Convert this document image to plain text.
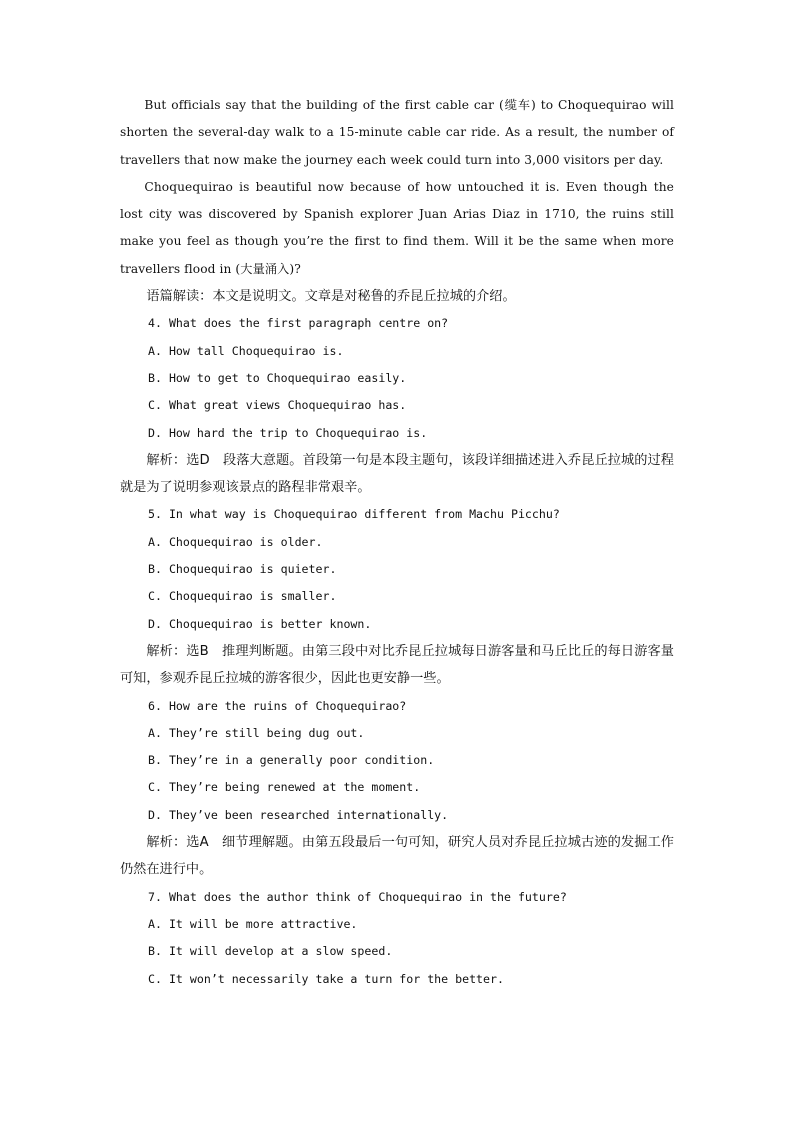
But officials say that the building of the first cable car (缆车) to Choquequirao will shorten the several-day walk to a 15-minute cable car ride. As a result, the number of travellers that now make the journey each week could turn into 3,000 visitors per day.

Choquequirao is beautiful now because of how untouched it is. Even though the lost city was discovered by Spanish explorer Juan Arias Diaz in 1710, the ruins still make you feel as though you’re the first to find them. Will it be the same when more travellers flood in (大量涌入)?

语篇解读：本文是说明文。文章是对秘鲁的乔昆丘拉城的介绍。

4. What does the first paragraph centre on?

A. How tall Choquequirao is.

B. How to get to Choquequirao easily.

C. What great views Choquequirao has.

D. How hard the trip to Choquequirao is.

解析：选D　段落大意题。首段第一句是本段主题句，该段详细描述进入乔昆丘拉城的过程就是为了说明参观该景点的路程非常艰辛。

5. In what way is Choquequirao different from Machu Picchu?

A. Choquequirao is older.

B. Choquequirao is quieter.

C. Choquequirao is smaller.

D. Choquequirao is better known.

解析：选B　推理判断题。由第三段中对比乔昆丘拉城每日游客量和马丘比丘的每日游客量可知，参观乔昆丘拉城的游客很少，因此也更安静一些。

6. How are the ruins of Choquequirao?

A. They’re still being dug out.

B. They’re in a generally poor condition.

C. They’re being renewed at the moment.

D. They’ve been researched internationally.

解析：选A　细节理解题。由第五段最后一句可知，研究人员对乔昆丘拉城古迹的发掘工作仍然在进行中。

7. What does the author think of Choquequirao in the future?

A. It will be more attractive.

B. It will develop at a slow speed.

C. It won’t necessarily take a turn for the better.
